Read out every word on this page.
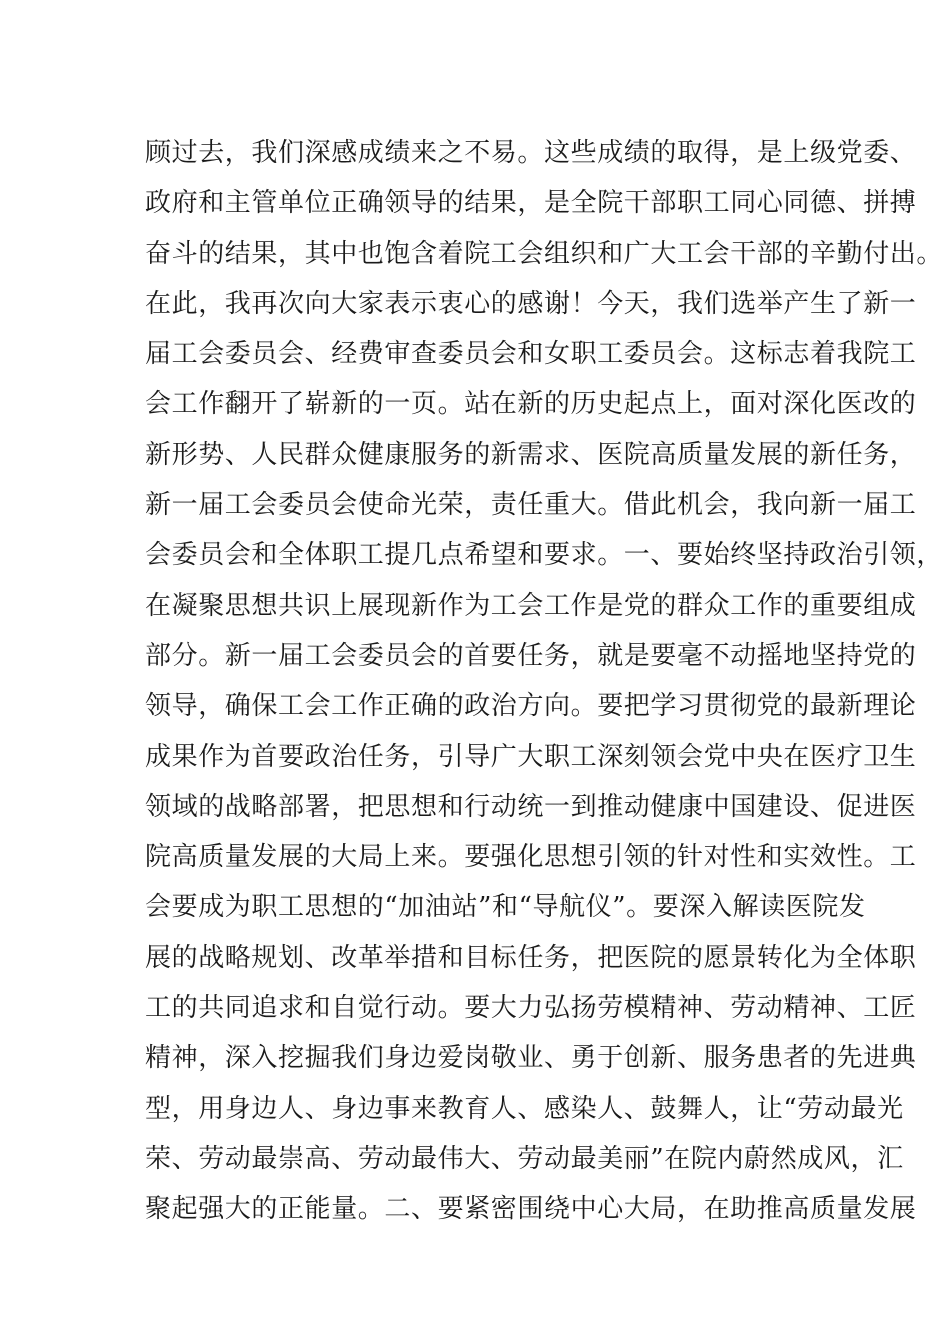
顾过去，我们深感成绩来之不易。这些成绩的取得，是上级党委、
政府和主管单位正确领导的结果，是全院干部职工同心同德、拼搏
奋斗的结果，其中也饱含着院工会组织和广大工会干部的辛勤付出。
在此，我再次向大家表示衷心的感谢！今天，我们选举产生了新一
届工会委员会、经费审查委员会和女职工委员会。这标志着我院工
会工作翻开了崭新的一页。站在新的历史起点上，面对深化医改的
新形势、人民群众健康服务的新需求、医院高质量发展的新任务，
新一届工会委员会使命光荣，责任重大。借此机会，我向新一届工
会委员会和全体职工提几点希望和要求。一、要始终坚持政治引领，
在凝聚思想共识上展现新作为工会工作是党的群众工作的重要组成
部分。新一届工会委员会的首要任务，就是要毫不动摇地坚持党的
领导，确保工会工作正确的政治方向。要把学习贯彻党的最新理论
成果作为首要政治任务，引导广大职工深刻领会党中央在医疗卫生
领域的战略部署，把思想和行动统一到推动健康中国建设、促进医
院高质量发展的大局上来。要强化思想引领的针对性和实效性。工
会要成为职工思想的“加油站”和“导航仪”。要深入解读医院发
展的战略规划、改革举措和目标任务，把医院的愿景转化为全体职
工的共同追求和自觉行动。要大力弘扬劳模精神、劳动精神、工匠
精神，深入挖掘我们身边爱岗敬业、勇于创新、服务患者的先进典
型，用身边人、身边事来教育人、感染人、鼓舞人，让“劳动最光
荣、劳动最崇高、劳动最伟大、劳动最美丽”在院内蔚然成风，汇
聚起强大的正能量。二、要紧密围绕中心大局，在助推高质量发展
